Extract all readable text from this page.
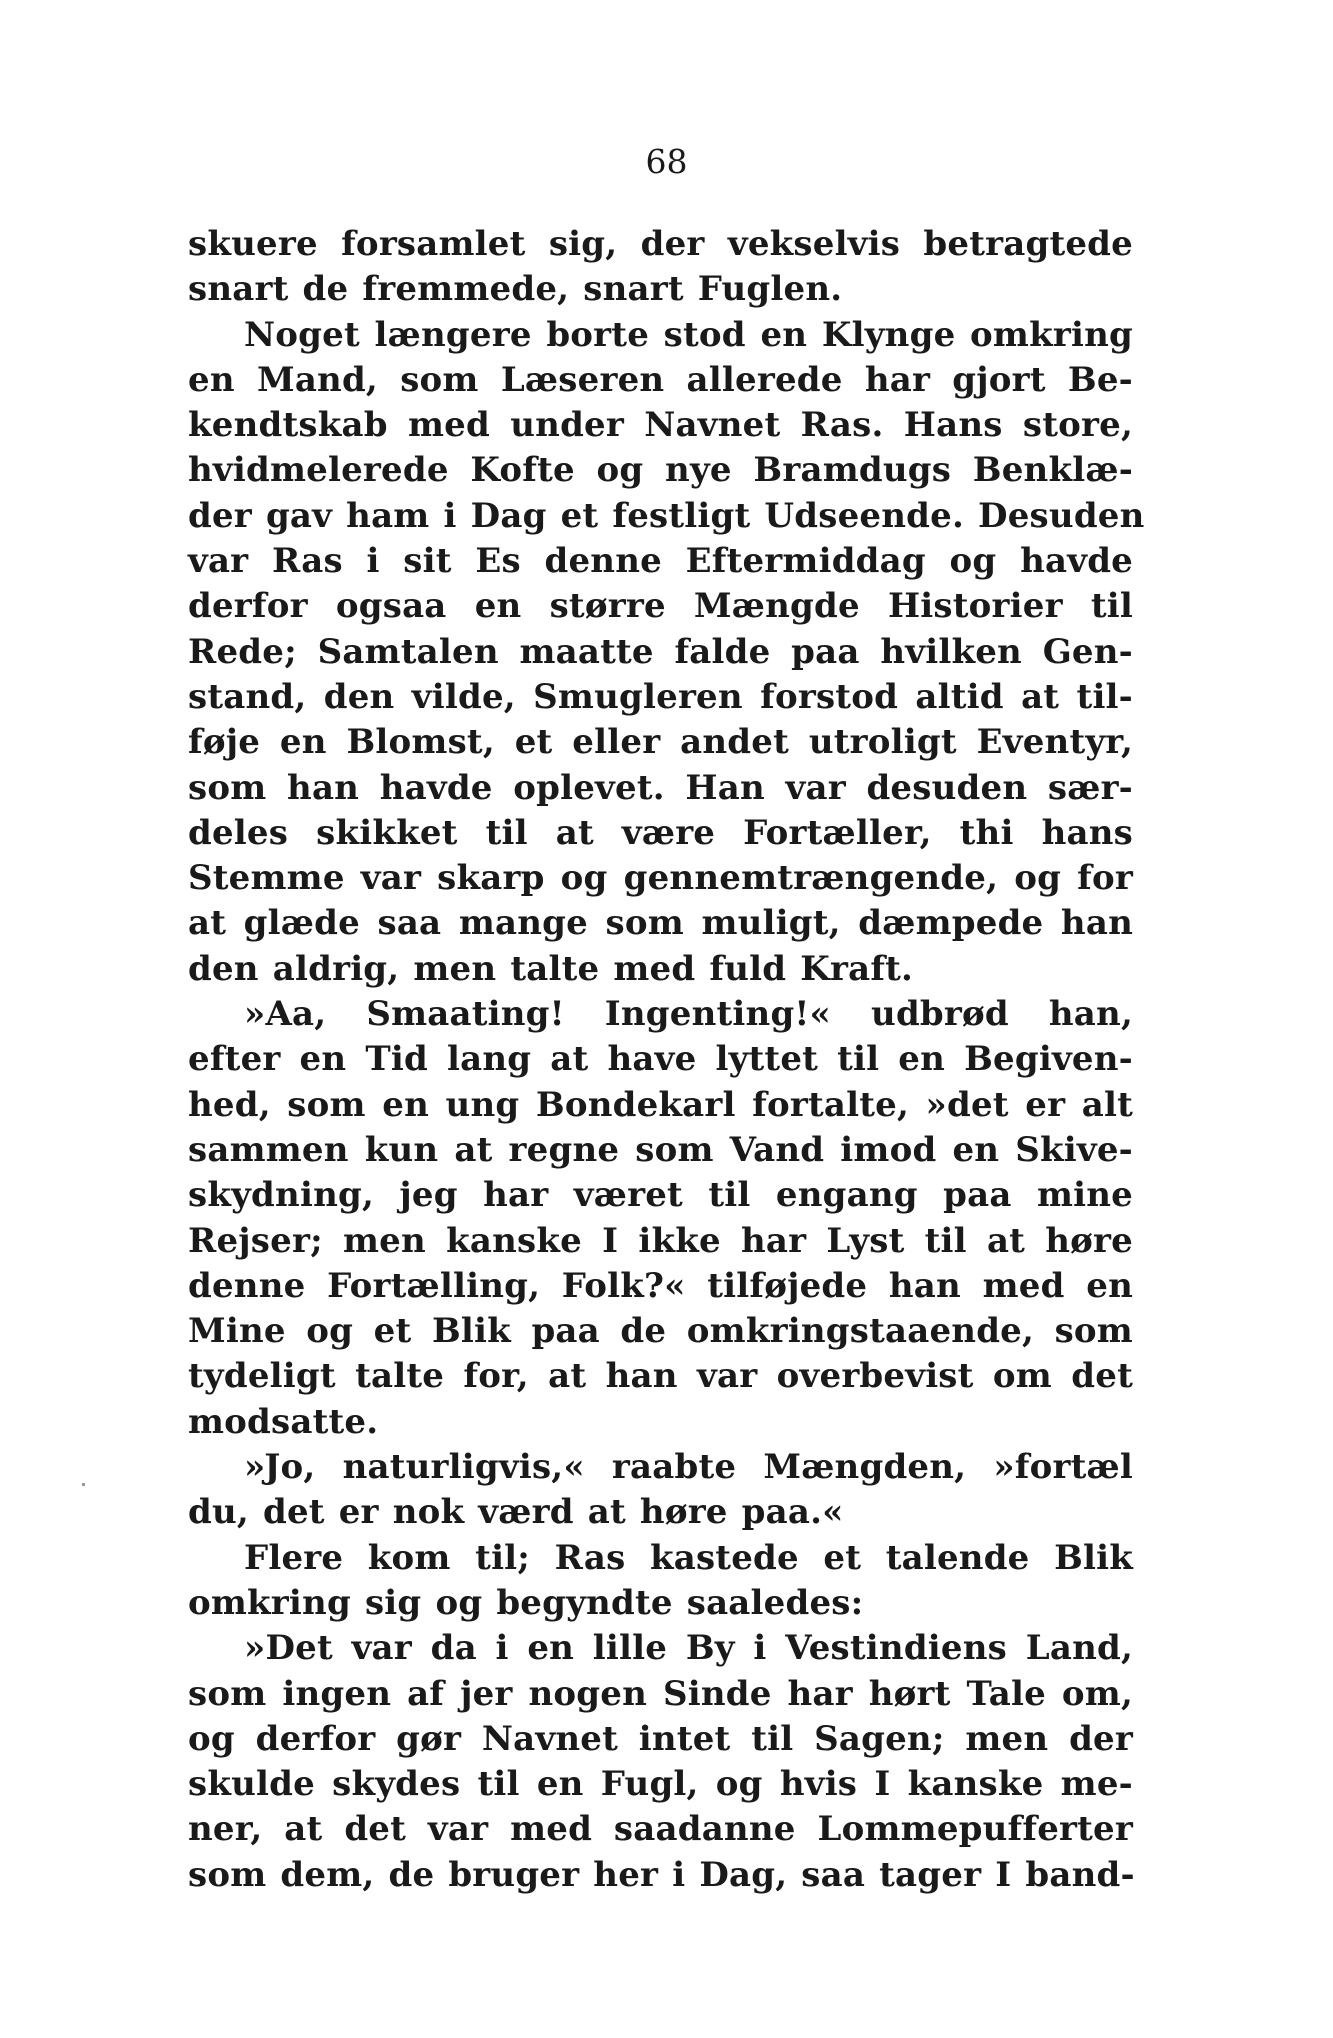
68
skuere forsamlet sig, der vekselvis betragtede
snart de fremmede, snart Fuglen.
Noget længere borte stod en Klynge omkring
en Mand, som Læseren allerede har gjort Be-
kendtskab med under Navnet Ras. Hans store,
hvidmelerede Kofte og nye Bramdugs Benklæ-
der gav ham i Dag et festligt Udseende. Desuden
var Ras i sit Es denne Eftermiddag og havde
derfor ogsaa en større Mængde Historier til
Rede; Samtalen maatte falde paa hvilken Gen-
stand, den vilde, Smugleren forstod altid at til-
føje en Blomst, et eller andet utroligt Eventyr,
som han havde oplevet. Han var desuden sær-
deles skikket til at være Fortæller, thi hans
Stemme var skarp og gennemtrængende, og for
at glæde saa mange som muligt, dæmpede han
den aldrig, men talte med fuld Kraft.
»Aa, Smaating! Ingenting!« udbrød han,
efter en Tid lang at have lyttet til en Begiven-
hed, som en ung Bondekarl fortalte, »det er alt
sammen kun at regne som Vand imod en Skive-
skydning, jeg har været til engang paa mine
Rejser; men kanske I ikke har Lyst til at høre
denne Fortælling, Folk?« tilføjede han med en
Mine og et Blik paa de omkringstaaende, som
tydeligt talte for, at han var overbevist om det
modsatte.
»Jo, naturligvis,« raabte Mængden, »fortæl
du, det er nok værd at høre paa.«
Flere kom til; Ras kastede et talende Blik
omkring sig og begyndte saaledes:
»Det var da i en lille By i Vestindiens Land,
som ingen af jer nogen Sinde har hørt Tale om,
og derfor gør Navnet intet til Sagen; men der
skulde skydes til en Fugl, og hvis I kanske me-
ner, at det var med saadanne Lommepufferter
som dem, de bruger her i Dag, saa tager I band-
